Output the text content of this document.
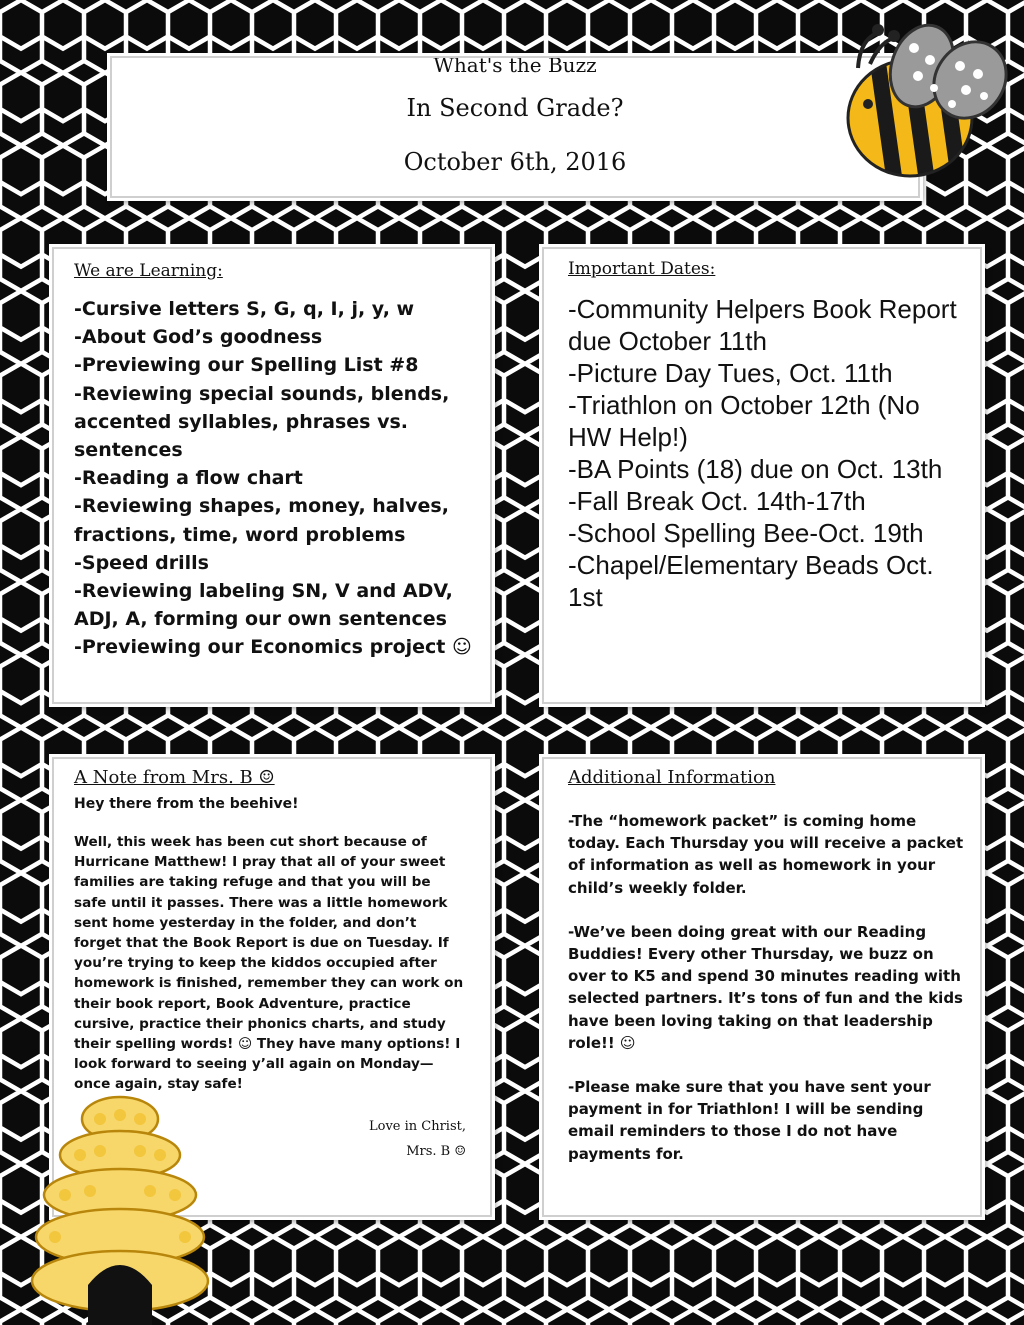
What's the Buzz
In Second Grade?
October 6th, 2016
We are Learning:
-Cursive letters S, G, q, I, j, y, w
-About God’s goodness
-Previewing our Spelling List #8
-Reviewing special sounds, blends, accented syllables, phrases vs. sentences
-Reading a flow chart
-Reviewing shapes, money, halves, fractions, time, word problems
-Speed drills
-Reviewing labeling SN, V and ADV, ADJ, A, forming our own sentences
-Previewing our Economics project ☺
Important Dates:
-Community Helpers Book Report due October 11th
-Picture Day Tues, Oct. 11th
-Triathlon on October 12th (No HW Help!)
-BA Points (18) due on Oct. 13th
-Fall Break Oct. 14th-17th
-School Spelling Bee-Oct. 19th
-Chapel/Elementary Beads Oct. 1st
A Note from Mrs. B ☺
Hey there from the beehive!
Well, this week has been cut short because of Hurricane Matthew! I pray that all of your sweet families are taking refuge and that you will be safe until it passes. There was a little homework sent home yesterday in the folder, and don’t forget that the Book Report is due on Tuesday. If you’re trying to keep the kiddos occupied after homework is finished, remember they can work on their book report, Book Adventure, practice cursive, practice their phonics charts, and study their spelling words! ☺ They have many options! I look forward to seeing y’all again on Monday—once again, stay safe!
Love in Christ,
Mrs. B ☺
Additional Information
-The “homework packet” is coming home today. Each Thursday you will receive a packet of information as well as homework in your child’s weekly folder.
-We’ve been doing great with our Reading Buddies! Every other Thursday, we buzz on over to K5 and spend 30 minutes reading with selected partners. It’s tons of fun and the kids have been loving taking on that leadership role!! ☺
-Please make sure that you have sent your payment in for Triathlon! I will be sending email reminders to those I do not have payments for.
